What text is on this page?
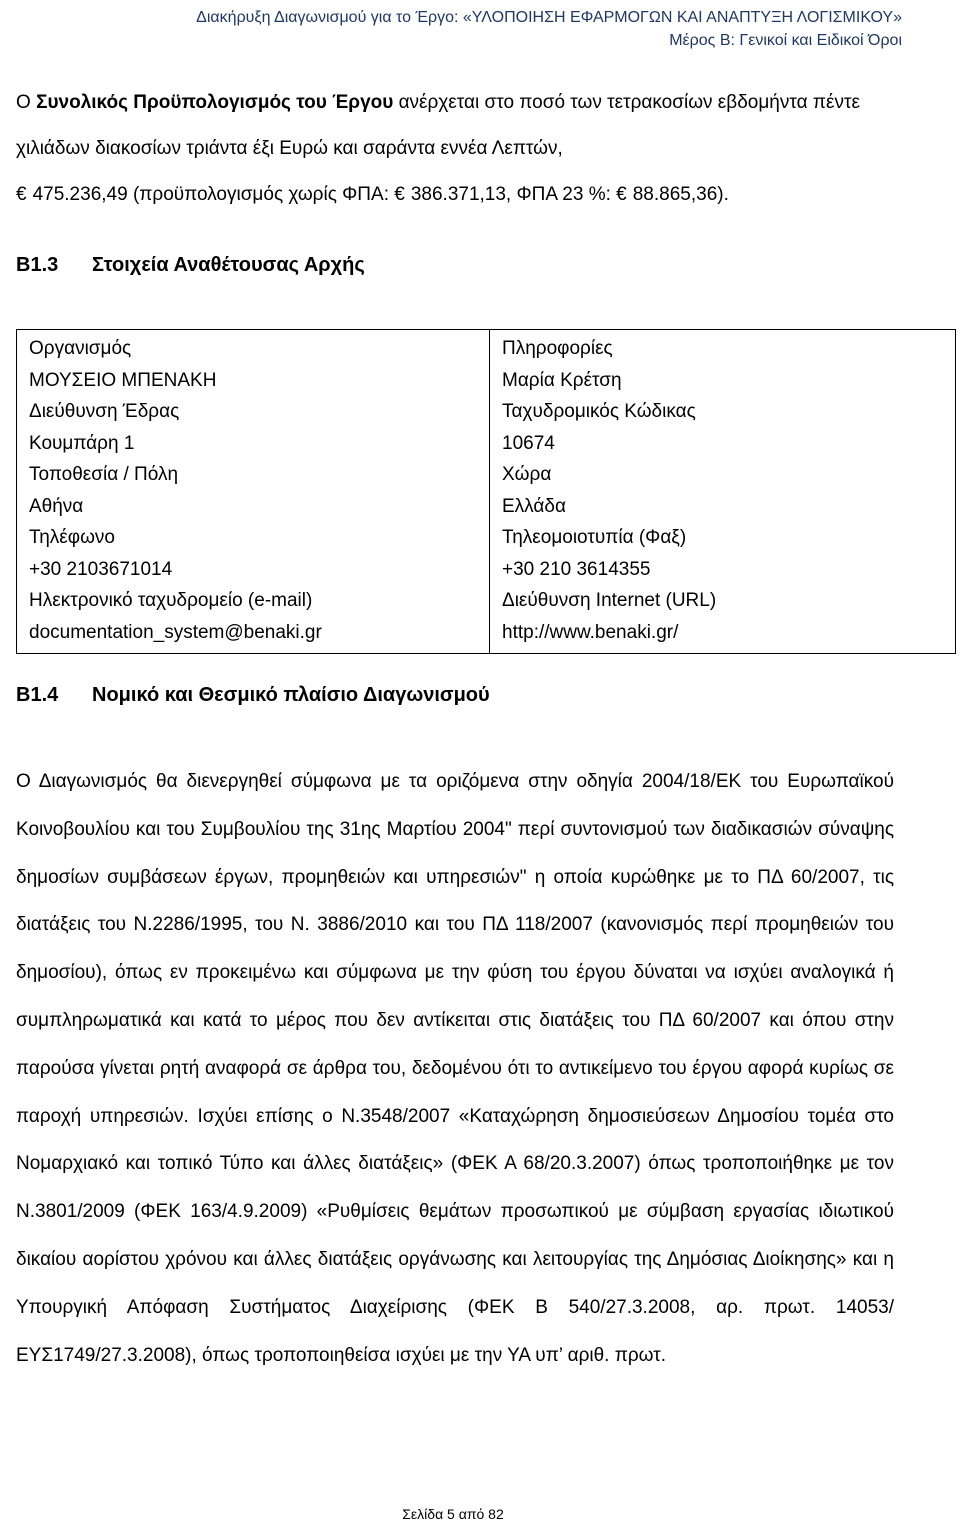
Διακήρυξη Διαγωνισμού για το Έργο: «ΥΛΟΠΟΙΗΣΗ ΕΦΑΡΜΟΓΩΝ ΚΑΙ ΑΝΑΠΤΥΞΗ ΛΟΓΙΣΜΙΚΟΥ»
Μέρος Β: Γενικοί και Ειδικοί Όροι
Ο Συνολικός Προϋπολογισμός του Έργου ανέρχεται στο ποσό των τετρακοσίων εβδομήντα πέντε χιλιάδων διακοσίων τριάντα έξι Ευρώ και σαράντα εννέα Λεπτών,
€ 475.236,49 (προϋπολογισμός χωρίς ΦΠΑ: € 386.371,13, ΦΠΑ 23 %: € 88.865,36).
Β1.3 Στοιχεία Αναθέτουσας Αρχής
Οργανισμός
ΜΟΥΣΕΙΟ ΜΠΕΝΑΚΗ
Διεύθυνση Έδρας
Κουμπάρη 1
Τοποθεσία / Πόλη
Αθήνα
Τηλέφωνο
+30 2103671014
Ηλεκτρονικό ταχυδρομείο (e-mail)
documentation_system@benaki.gr

Πληροφορίες
Μαρία Κρέτση
Ταχυδρομικός Κώδικας
10674
Χώρα
Ελλάδα
Τηλεομοιοτυπία (Φαξ)
+30 210 3614355
Διεύθυνση Internet (URL)
http://www.benaki.gr/
Β1.4 Νομικό και Θεσμικό πλαίσιο Διαγωνισμού
Ο Διαγωνισμός θα διενεργηθεί σύμφωνα με τα οριζόμενα στην οδηγία 2004/18/ΕΚ του Ευρωπαϊκού Κοινοβουλίου και του Συμβουλίου της 31ης Μαρτίου 2004" περί συντονισμού των διαδικασιών σύναψης δημοσίων συμβάσεων έργων, προμηθειών και υπηρεσιών" η οποία κυρώθηκε με το ΠΔ 60/2007, τις διατάξεις του Ν.2286/1995, του Ν. 3886/2010 και του ΠΔ 118/2007 (κανονισμός περί προμηθειών του δημοσίου), όπως εν προκειμένω και σύμφωνα με την φύση του έργου δύναται να ισχύει αναλογικά ή συμπληρωματικά και κατά το μέρος που δεν αντίκειται στις διατάξεις του ΠΔ 60/2007 και όπου στην παρούσα γίνεται ρητή αναφορά σε άρθρα του, δεδομένου ότι το αντικείμενο του έργου αφορά κυρίως σε παροχή υπηρεσιών. Ισχύει επίσης ο Ν.3548/2007 «Καταχώρηση δημοσιεύσεων Δημοσίου τομέα στο Νομαρχιακό και τοπικό Τύπο και άλλες διατάξεις» (ΦΕΚ Α 68/20.3.2007) όπως τροποποιήθηκε με τον Ν.3801/2009 (ΦΕΚ 163/4.9.2009) «Ρυθμίσεις θεμάτων προσωπικού με σύμβαση εργασίας ιδιωτικού δικαίου αορίστου χρόνου και άλλες διατάξεις οργάνωσης και λειτουργίας της Δημόσιας Διοίκησης» και η Υπουργική Απόφαση Συστήματος Διαχείρισης (ΦΕΚ Β 540/27.3.2008, αρ. πρωτ. 14053/ΕΥΣ1749/27.3.2008), όπως τροποποιηθείσα ισχύει με την ΥΑ υπ’ αριθ. πρωτ.
Σελίδα 5 από 82
